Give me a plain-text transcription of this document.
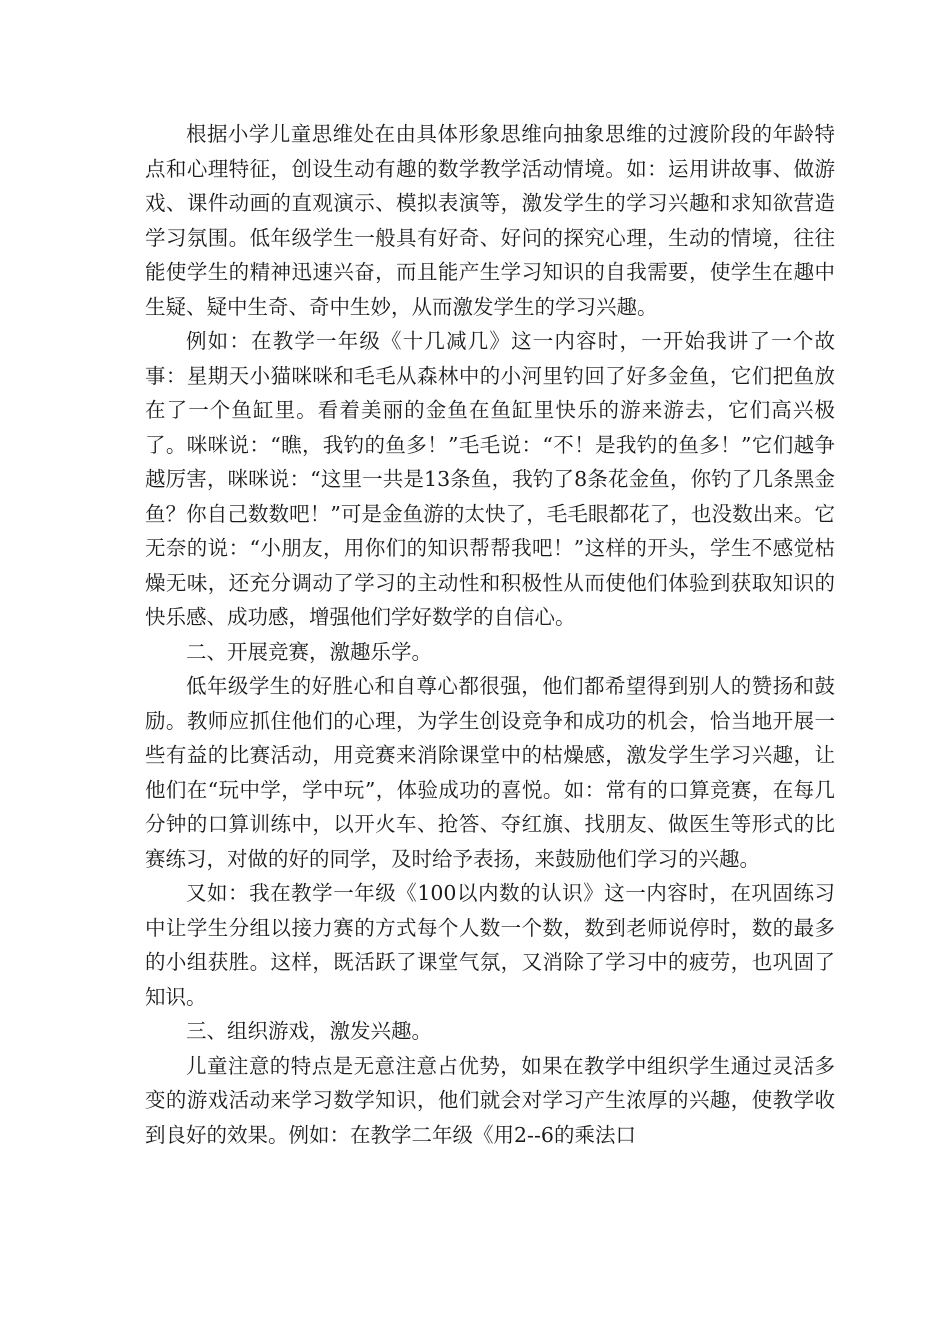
根据小学儿童思维处在由具体形象思维向抽象思维的过渡阶段的年龄特点和心理特征，创设生动有趣的数学教学活动情境。如：运用讲故事、做游戏、课件动画的直观演示、模拟表演等，激发学生的学习兴趣和求知欲营造学习氛围。低年级学生一般具有好奇、好问的探究心理，生动的情境，往往能使学生的精神迅速兴奋，而且能产生学习知识的自我需要，使学生在趣中生疑、疑中生奇、奇中生妙，从而激发学生的学习兴趣。

例如：在教学一年级《十几减几》这一内容时，一开始我讲了一个故事：星期天小猫咪咪和毛毛从森林中的小河里钓回了好多金鱼，它们把鱼放在了一个鱼缸里。看着美丽的金鱼在鱼缸里快乐的游来游去，它们高兴极了。咪咪说：“瞧，我钓的鱼多！”毛毛说：“不！是我钓的鱼多！”它们越争越厉害，咪咪说：“这里一共是13条鱼，我钓了8条花金鱼，你钓了几条黑金鱼？你自己数数吧！”可是金鱼游的太快了，毛毛眼都花了，也没数出来。它无奈的说：“小朋友，用你们的知识帮帮我吧！”这样的开头，学生不感觉枯燥无味，还充分调动了学习的主动性和积极性从而使他们体验到获取知识的快乐感、成功感，增强他们学好数学的自信心。

二、开展竞赛，激趣乐学。

低年级学生的好胜心和自尊心都很强，他们都希望得到别人的赞扬和鼓励。教师应抓住他们的心理，为学生创设竞争和成功的机会，恰当地开展一些有益的比赛活动，用竞赛来消除课堂中的枯燥感，激发学生学习兴趣，让他们在“玩中学，学中玩”，体验成功的喜悦。如：常有的口算竞赛，在每几分钟的口算训练中，以开火车、抢答、夺红旗、找朋友、做医生等形式的比赛练习，对做的好的同学，及时给予表扬，来鼓励他们学习的兴趣。

又如：我在教学一年级《100以内数的认识》这一内容时，在巩固练习中让学生分组以接力赛的方式每个人数一个数，数到老师说停时，数的最多的小组获胜。这样，既活跃了课堂气氛，又消除了学习中的疲劳，也巩固了知识。

三、组织游戏，激发兴趣。

儿童注意的特点是无意注意占优势，如果在教学中组织学生通过灵活多变的游戏活动来学习数学知识，他们就会对学习产生浓厚的兴趣，使教学收到良好的效果。例如：在教学二年级《用2--6的乘法口
